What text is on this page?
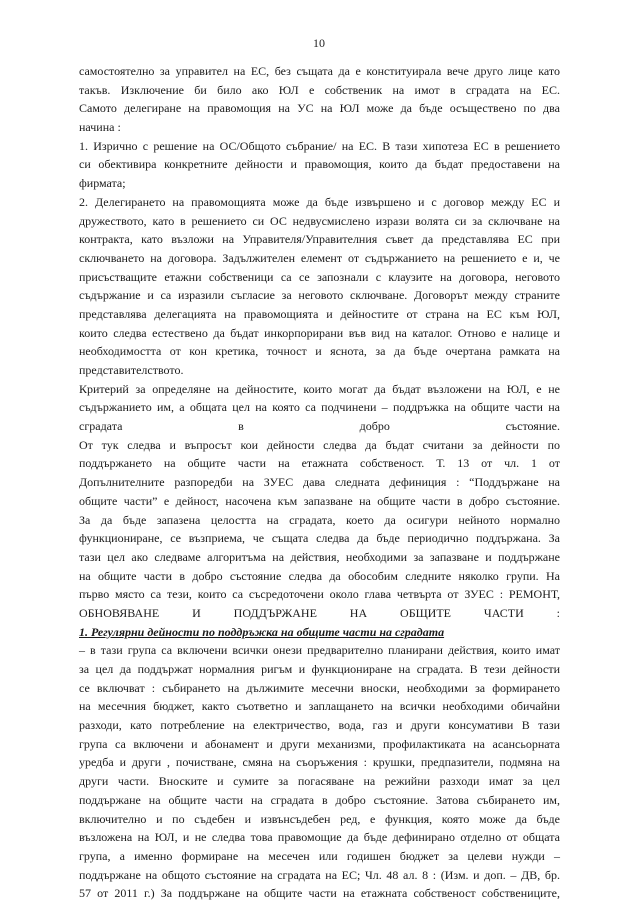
10
самостоятелно за управител на ЕС, без същата да е конституирала вече друго лице като
такъв. Изключение би било ако ЮЛ е собственик на имот в сградата на ЕС.
Самото делегиране на правомощия на УС на ЮЛ може да бъде осъществено по два
начина :
1. Изрично с решение на ОС/Общото събрание/ на ЕС. В тази хипотеза ЕС в решението
си обективира конкретните дейности и правомощия, които да бъдат предоставени на
фирмата;
2. Делегирането на правомощията може да бъде извършено и с договор между ЕС и
дружеството, като в решението си ОС недвусмислено изрази волята си за сключване на
контракта, като възложи на Управителя/Управителния съвет да представлява ЕС при
сключването на договора. Задължителен елемент от съдържанието на решението е и, че
присъстващите етажни собственици са се запознали с клаузите на договора, неговото
съдържание и са изразили съгласие за неговото сключване. Договорът между страните
представлява делегацията на правомощията и дейностите от страна на ЕС към ЮЛ,
които следва естествено да бъдат инкорпорирани във вид на каталог. Отново е налице и
необходимостта от кон кретика, точност и яснота, за да бъде очертана рамката на
представителството.
Критерий за определяне на дейностите, които могат да бъдат възложени на ЮЛ, е не
съдържанието им, а общата цел на която са подчинени – поддръжка на общите части на
сградата в добро състояние.
От тук следва и въпросът кои дейности следва да бъдат считани за дейности по
поддържането на общите части на етажната собственост. Т. 13 от чл. 1 от
Допълнителните разпоредби на ЗУЕС дава следната дефиниция : “Поддържане на
общите части” е дейност, насочена към запазване на общите части в добро състояние.
За да бъде запазена целостта на сградата, което да осигури нейното нормално
функциониране, се възприема, че същата следва да бъде периодично поддържана. За
тази цел ако следваме алгоритъма на действия, необходими за запазване и поддържане
на общите части в добро състояние следва да обособим следните няколко групи. На
първо място са тези, които са съсредоточени около глава четвърта от ЗУЕС : РЕМОНТ,
ОБНОВЯВАНЕ И ПОДДЪРЖАНЕ НА ОБЩИТЕ ЧАСТИ :
1. Регулярни дейности по поддръжка на общите части на сградата
– в тази група са включени всички онези предварително планирани действия, които имат
за цел да поддържат нормалния ригъм и функциониране на сградата. В тези дейности
се включват : събирането на дължимите месечни вноски, необходими за формирането
на месечния бюджет, както съответно и заплащането на всички необходими обичайни
разходи, като потребление на електричество, вода, газ и други консумативи В тази
група са включени и абонамент и други механизми, профилактиката на асансьорната
уредба и други , почистване, смяна на съоръжения : крушки, предпазители, подмяна на
други части. Вноските и сумите за погасяване на режийни разходи имат за цел
поддържане на общите части на сградата в добро състояние. Затова събирането им,
включително и по съдебен и извънсъдебен ред, е функция, която може да бъде
възложена на ЮЛ, и не следва това правомощие да бъде дефинирано отделно от общата
група, а именно формиране на месечен или годишен бюджет за целеви нужди –
поддържане на общото състояние на сградата на ЕС; Чл. 48 ал. 8 : (Изм. и доп. – ДВ, бр.
57 от 2011 г.) За поддържане на общите части на етажната собственост собствениците,
